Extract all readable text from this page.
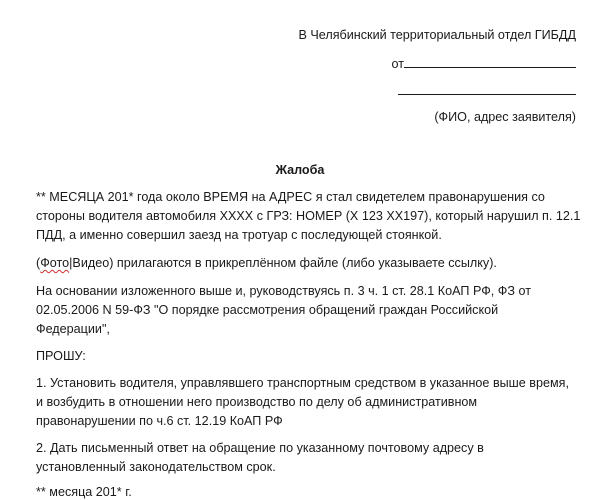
В Челябинский территориальный отдел ГИБДД
от
(ФИО, адрес заявителя)
Жалоба
** МЕСЯЦА 201* года около ВРЕМЯ на АДРЕС я стал свидетелем правонарушения со
стороны водителя автомобиля ХХХХ с ГРЗ: НОМЕР (Х 123 ХХ197), который нарушил п. 12.1
ПДД, а именно совершил заезд на тротуар с последующей стоянкой.
(Фото|Видео) прилагаются в прикреплённом файле (либо указываете ссылку).
На основании изложенного выше и, руководствуясь п. 3 ч. 1 ст. 28.1 КоАП РФ, ФЗ от
02.05.2006 N 59-ФЗ "О порядке рассмотрения обращений граждан Российской
Федерации",
ПРОШУ:
1. Установить водителя, управлявшего транспортным средством в указанное выше время,
и возбудить в отношении него производство по делу об административном
правонарушении по ч.6 ст. 12.19 КоАП РФ
2. Дать письменный ответ на обращение по указанному почтовому адресу в
установленный законодательством срок.
** месяца 201* г.
